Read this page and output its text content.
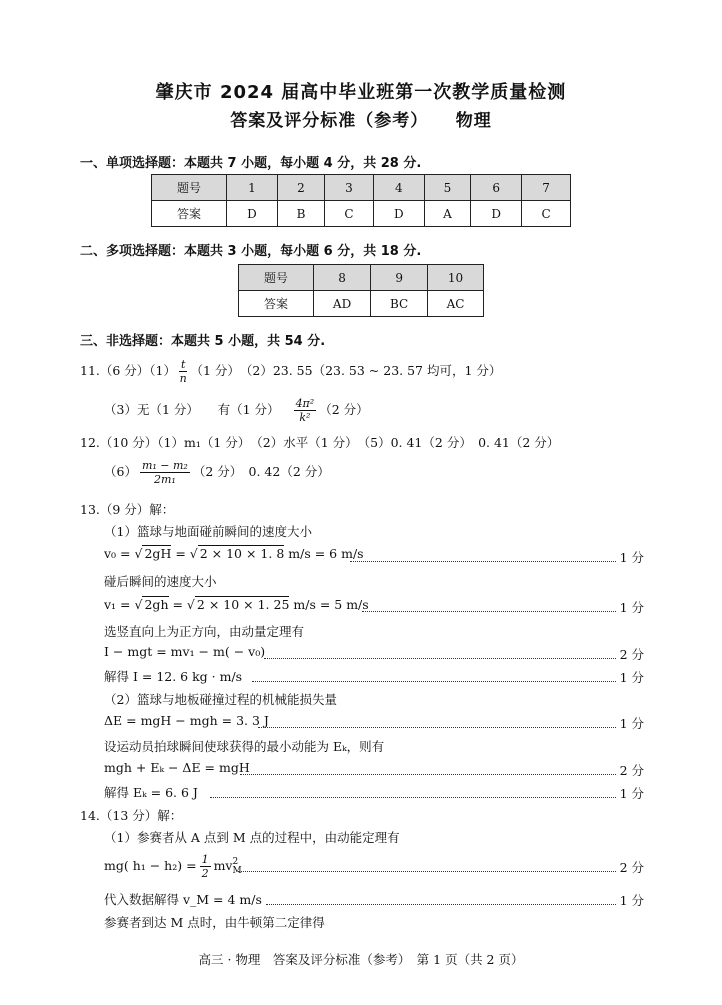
肇庆市 2024 届高中毕业班第一次教学质量检测
答案及评分标准（参考）　　物理
一、单项选择题：本题共 7 小题，每小题 4 分，共 28 分.
题号	1	2	3	4	5	6	7
答案	D	B	C	D	A	D	C
二、多项选择题：本题共 3 小题，每小题 6 分，共 18 分.
题号	8	9	10
答案	AD	BC	AC
三、非选择题：本题共 5 小题，共 54 分.
11.（6 分）$(1) \frac{t}{n} (1$ 分）　（2）23. 55（23. 53 ~ 23. 57 均可，1 分）
（3）无（1 分）　　有（1 分） $\frac{\text{4π²}}{\text{k²}} (2$ 分）
12.（10 分）（1）m₁（1 分）　（2）水平（1 分）　（5）0. 41（2 分）　0. 41（2 分）
$(6) \frac{\text{m₁ − m₂}}{\text{2m₁}} (2$ 分）　0. 42（2 分）
13.（9 分）解：
（1）篮球与地面碰前瞬间的速度大小
v₀ = √ 2gH = √ 2 × 10 × 1. 8 m/s = 6 m/s	1 分
碰后瞬间的速度大小
v₁ = √ 2gh = √ 2 × 10 × 1. 25 m/s = 5 m/s	1 分
选竖直向上为正方向，由动量定理有
I − mgt = mv₁ − m( − v₀)	2 分
解得 I = 12. 6 kg · m/s	1 分
（2）篮球与地板碰撞过程的机械能损失量
ΔE = mgH − mgh = 3. 3 J	1 分
设运动员拍球瞬间使球获得的最小动能为 Eₖ，则有
mgh + Eₖ − ΔE = mgH	2 分
解得 Eₖ = 6. 6 J	1 分
14.（13 分）解：
（1）参赛者从 A 点到 M 点的过程中，由动能定理有
mg( $h_1 - h_2) = \frac{1}{2}$ mv 2
M	2 分
代入数据解得 v_M = 4 m/s	1 分
参赛者到达 M 点时，由牛顿第二定律得
高三 · 物理　答案及评分标准（参考）　第 1 页（共 2 页）
